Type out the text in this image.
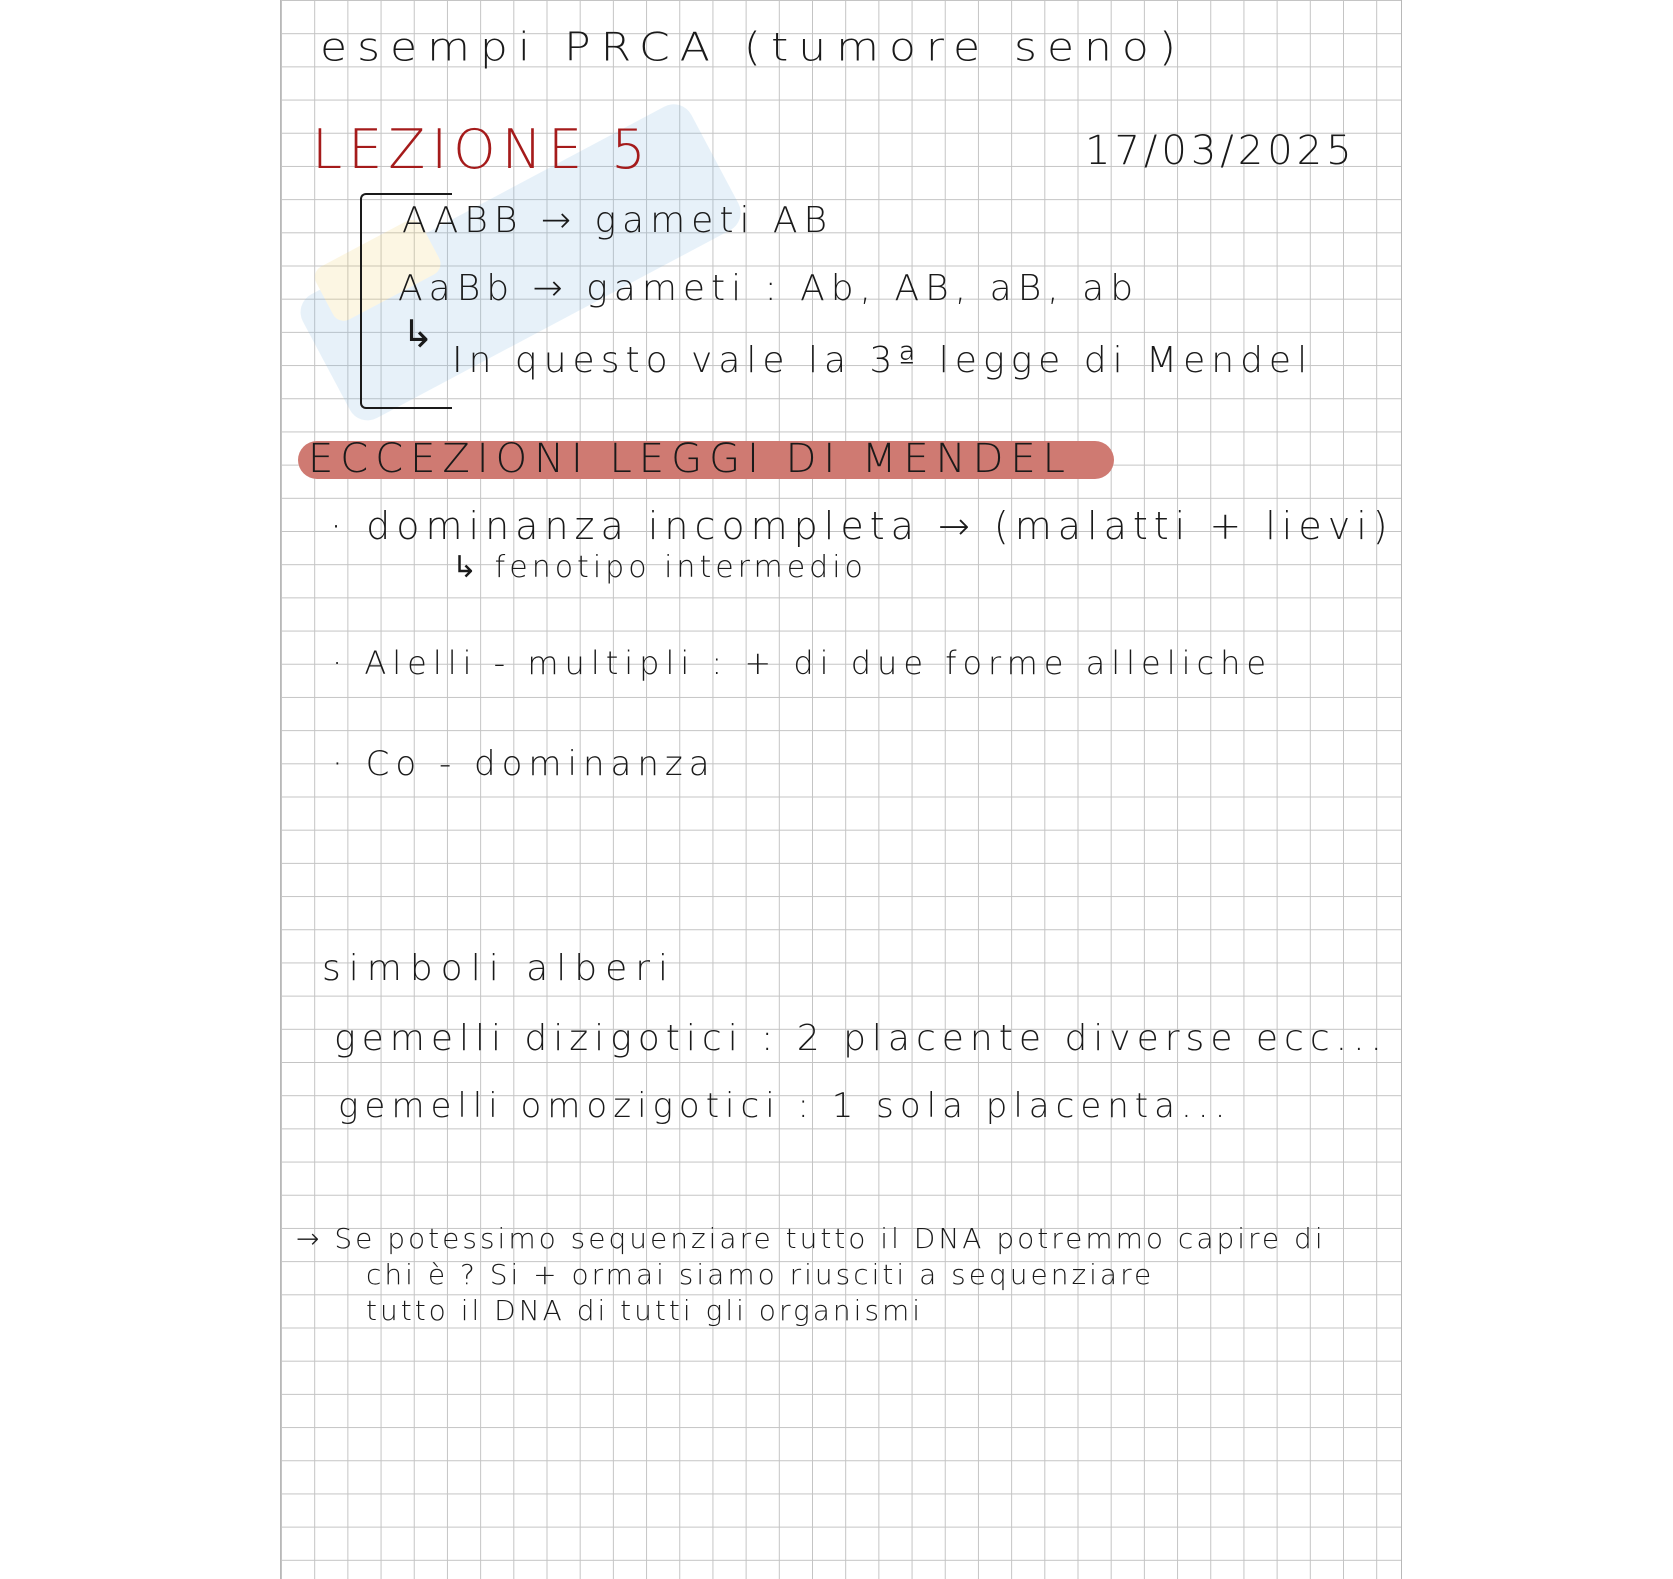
esempi PRCA (tumore seno)
LEZIONE 5	17/03/2025
AABB → gameti AB
AaBb → gameti : Ab, AB, aB, ab
↳
In questo vale la 3ª legge di Mendel
ECCEZIONI LEGGI DI MENDEL
· dominanza incompleta → (malatti + lievi)
↳ fenotipo intermedio
· Alelli - multipli : + di due forme alleliche
· Co - dominanza
simboli alberi
gemelli dizigotici : 2 placente diverse ecc...
gemelli omozigotici : 1 sola placenta...
→ Se potessimo sequenziare tutto il DNA potremmo capire di
chi è ? Si + ormai siamo riusciti a sequenziare
tutto il DNA di tutti gli organismi
